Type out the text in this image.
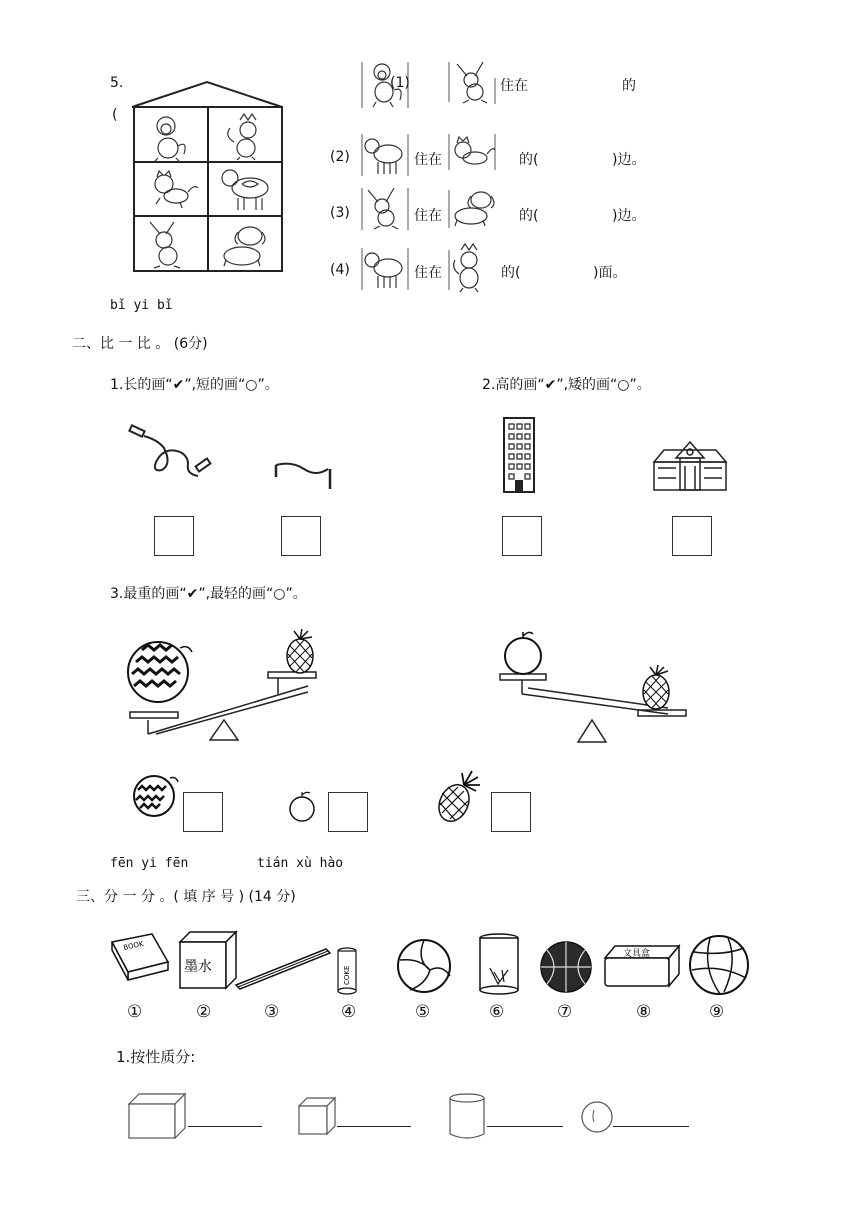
5.
(
(1)	住在	的
(2)	住在	的(	)边。
(3)	住在	的(	)边。
(4)	住在	的(	)面。
bǐ yi bǐ
二、比 一 比 。 (6分)
1.长的画“✔”,短的画“○”。	2.高的画“✔”,矮的画“○”。
3.最重的画“✔”,最轻的画“○”。
fēn yi fēn	tián xù hào
三、分 一 分 。( 填 序 号 ) (14 分)
BOOK
墨水	COKE
文具盒
①	②	③	④	⑤	⑥	⑦	⑧	⑨
1.按性质分:
